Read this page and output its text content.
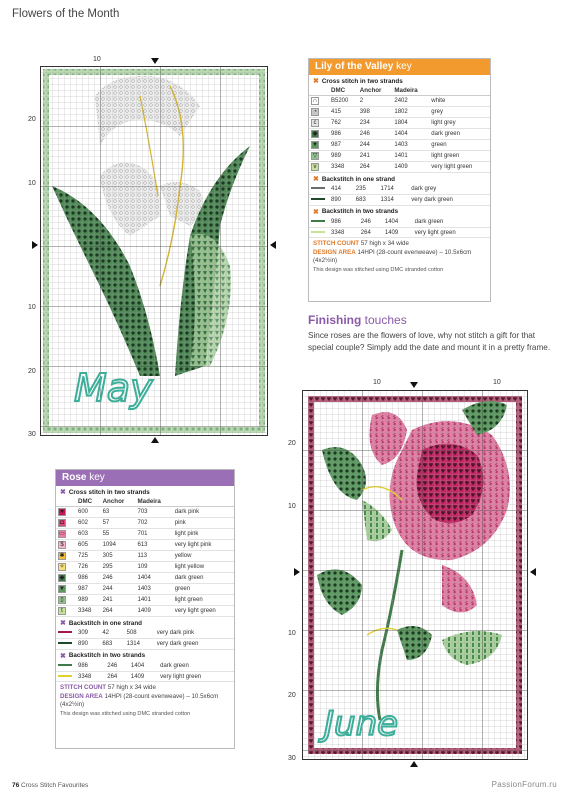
Flowers of the Month
May
10
20
10
10
20
30
Lily of the Valley key
✖ Cross stitch in two strands
	DMC	Anchor	Madeira	
∩	B5200	2	2402	white
◔	415	398	1802	grey
c	762	234	1804	light grey
◆	986	246	1404	dark green
▼	987	244	1403	green
▽	989	241	1401	light green
v	3348	264	1409	very light green
✖ Backstitch in one strand
	414	235	1714	dark grey
	890	683	1314	very dark green
✖ Backstitch in two strands
	986	246	1404	dark green
	3348	264	1409	very light green
STITCH COUNT 57 high x 34 wide
DESIGN AREA 14HPI (28-count evenweave) – 10.5x6cm (4x2½in)
This design was stitched using DMC stranded cotton
Finishing touches
Since roses are the flowers of love, why not stitch a gift for that special couple? Simply add the date and mount it in a pretty frame.
Rose key
✖ Cross stitch in two strands
	DMC	Anchor	Madeira	
♥	600	63	703	dark pink
◘	602	57	702	pink
▭	603	55	701	light pink
$	605	1094	613	very light pink
✱	725	305	113	yellow
✧	726	295	109	light yellow
◆	986	246	1404	dark green
▼	987	244	1403	green
▯	989	241	1401	light green
t	3348	264	1409	very light green
✖ Backstitch in one strand
	309	42	508	very dark pink
	890	683	1314	very dark green
✖ Backstitch in two strands
	986	246	1404	dark green
	3348	264	1409	very light green
STITCH COUNT 57 high x 34 wide
DESIGN AREA 14HPI (28-count evenweave) – 10.5x6cm (4x2½in)
This design was stitched using DMC stranded cotton	June
10	10
20
10
10
20
30
76 Cross Stitch Favourites	PassionForum.ru
